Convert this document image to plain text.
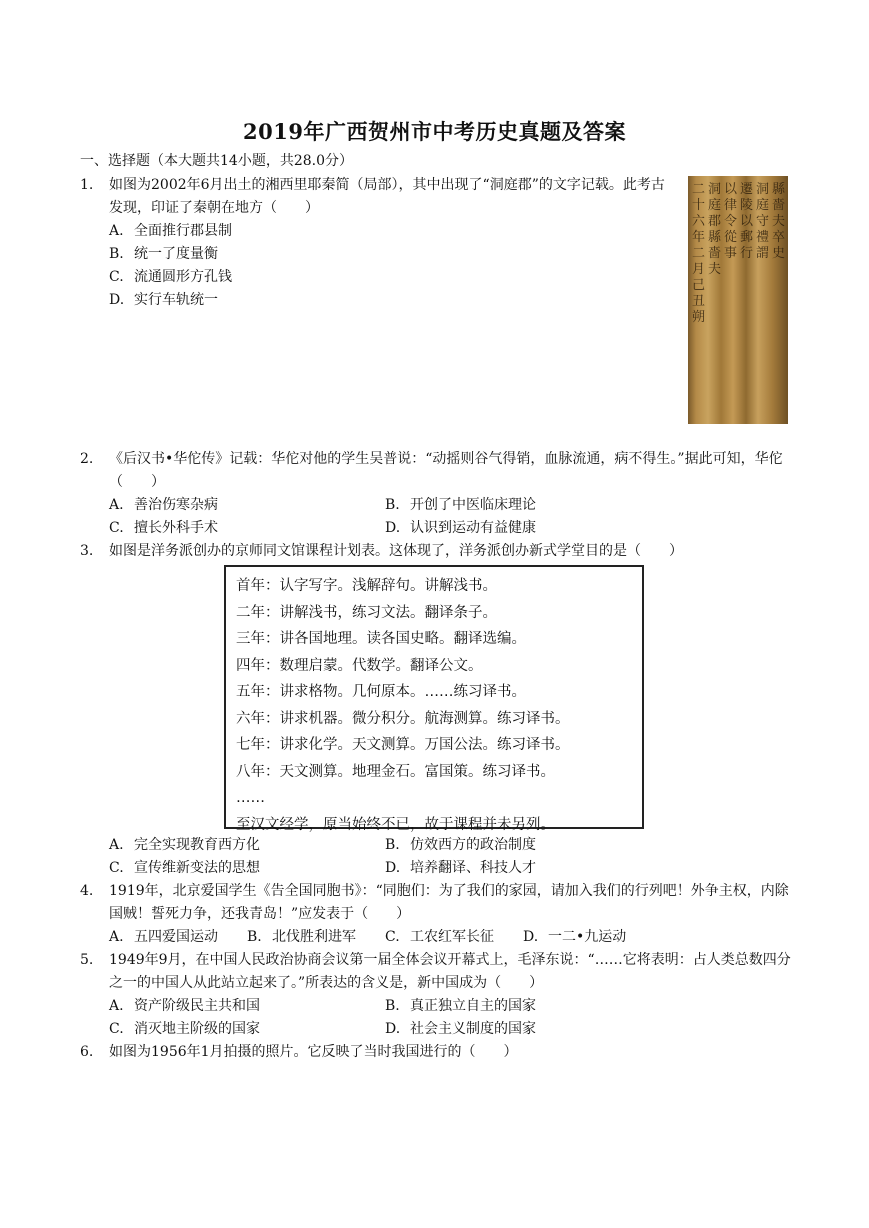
2019年广西贺州市中考历史真题及答案
一、选择题（本大题共14小题，共28.0分）
1.	如图为2002年6月出土的湘西里耶秦简（局部），其中出现了“洞庭郡”的文字记载。此考古发现，印证了秦朝在地方（　　）
A. 全面推行郡县制
B. 统一了度量衡
C. 流通圆形方孔钱
D. 实行车轨统一
二十六年二月己丑朔
洞庭郡縣嗇夫
以律令從事
遷陵以郵行
洞庭守禮謂
縣嗇夫卒史
2.	《后汉书•华佗传》记载：华佗对他的学生吴普说：“动摇则谷气得销，血脉流通，病不得生。”据此可知，华佗（　　）
A. 善治伤寒杂病	B. 开创了中医临床理论
C. 擅长外科手术	D. 认识到运动有益健康
3.	如图是洋务派创办的京师同文馆课程计划表。这体现了，洋务派创办新式学堂目的是（　　）
首年：认字写字。浅解辞句。讲解浅书。
二年：讲解浅书，练习文法。翻译条子。
三年：讲各国地理。读各国史略。翻译选编。
四年：数理启蒙。代数学。翻译公文。
五年：讲求格物。几何原本。……练习译书。
六年：讲求机器。微分积分。航海测算。练习译书。
七年：讲求化学。天文测算。万国公法。练习译书。
八年：天文测算。地理金石。富国策。练习译书。
……
至汉文经学，原当始终不已，故于课程并未另列。
A. 完全实现教育西方化	B. 仿效西方的政治制度
C. 宣传维新变法的思想	D. 培养翻译、科技人才
4.	1919年，北京爱国学生《告全国同胞书》：“同胞们：为了我们的家园，请加入我们的行列吧！外争主权，内除国贼！誓死力争，还我青岛！”应发表于（　　）
A. 五四爱国运动 B. 北伐胜利进军 C. 工农红军长征 D. 一二•九运动
5.	1949年9月，在中国人民政治协商会议第一届全体会议开幕式上，毛泽东说：“……它将表明：占人类总数四分之一的中国人从此站立起来了。”所表达的含义是，新中国成为（　　）
A. 资产阶级民主共和国	B. 真正独立自主的国家
C. 消灭地主阶级的国家	D. 社会主义制度的国家
6.	如图为1956年1月拍摄的照片。它反映了当时我国进行的（　　）
